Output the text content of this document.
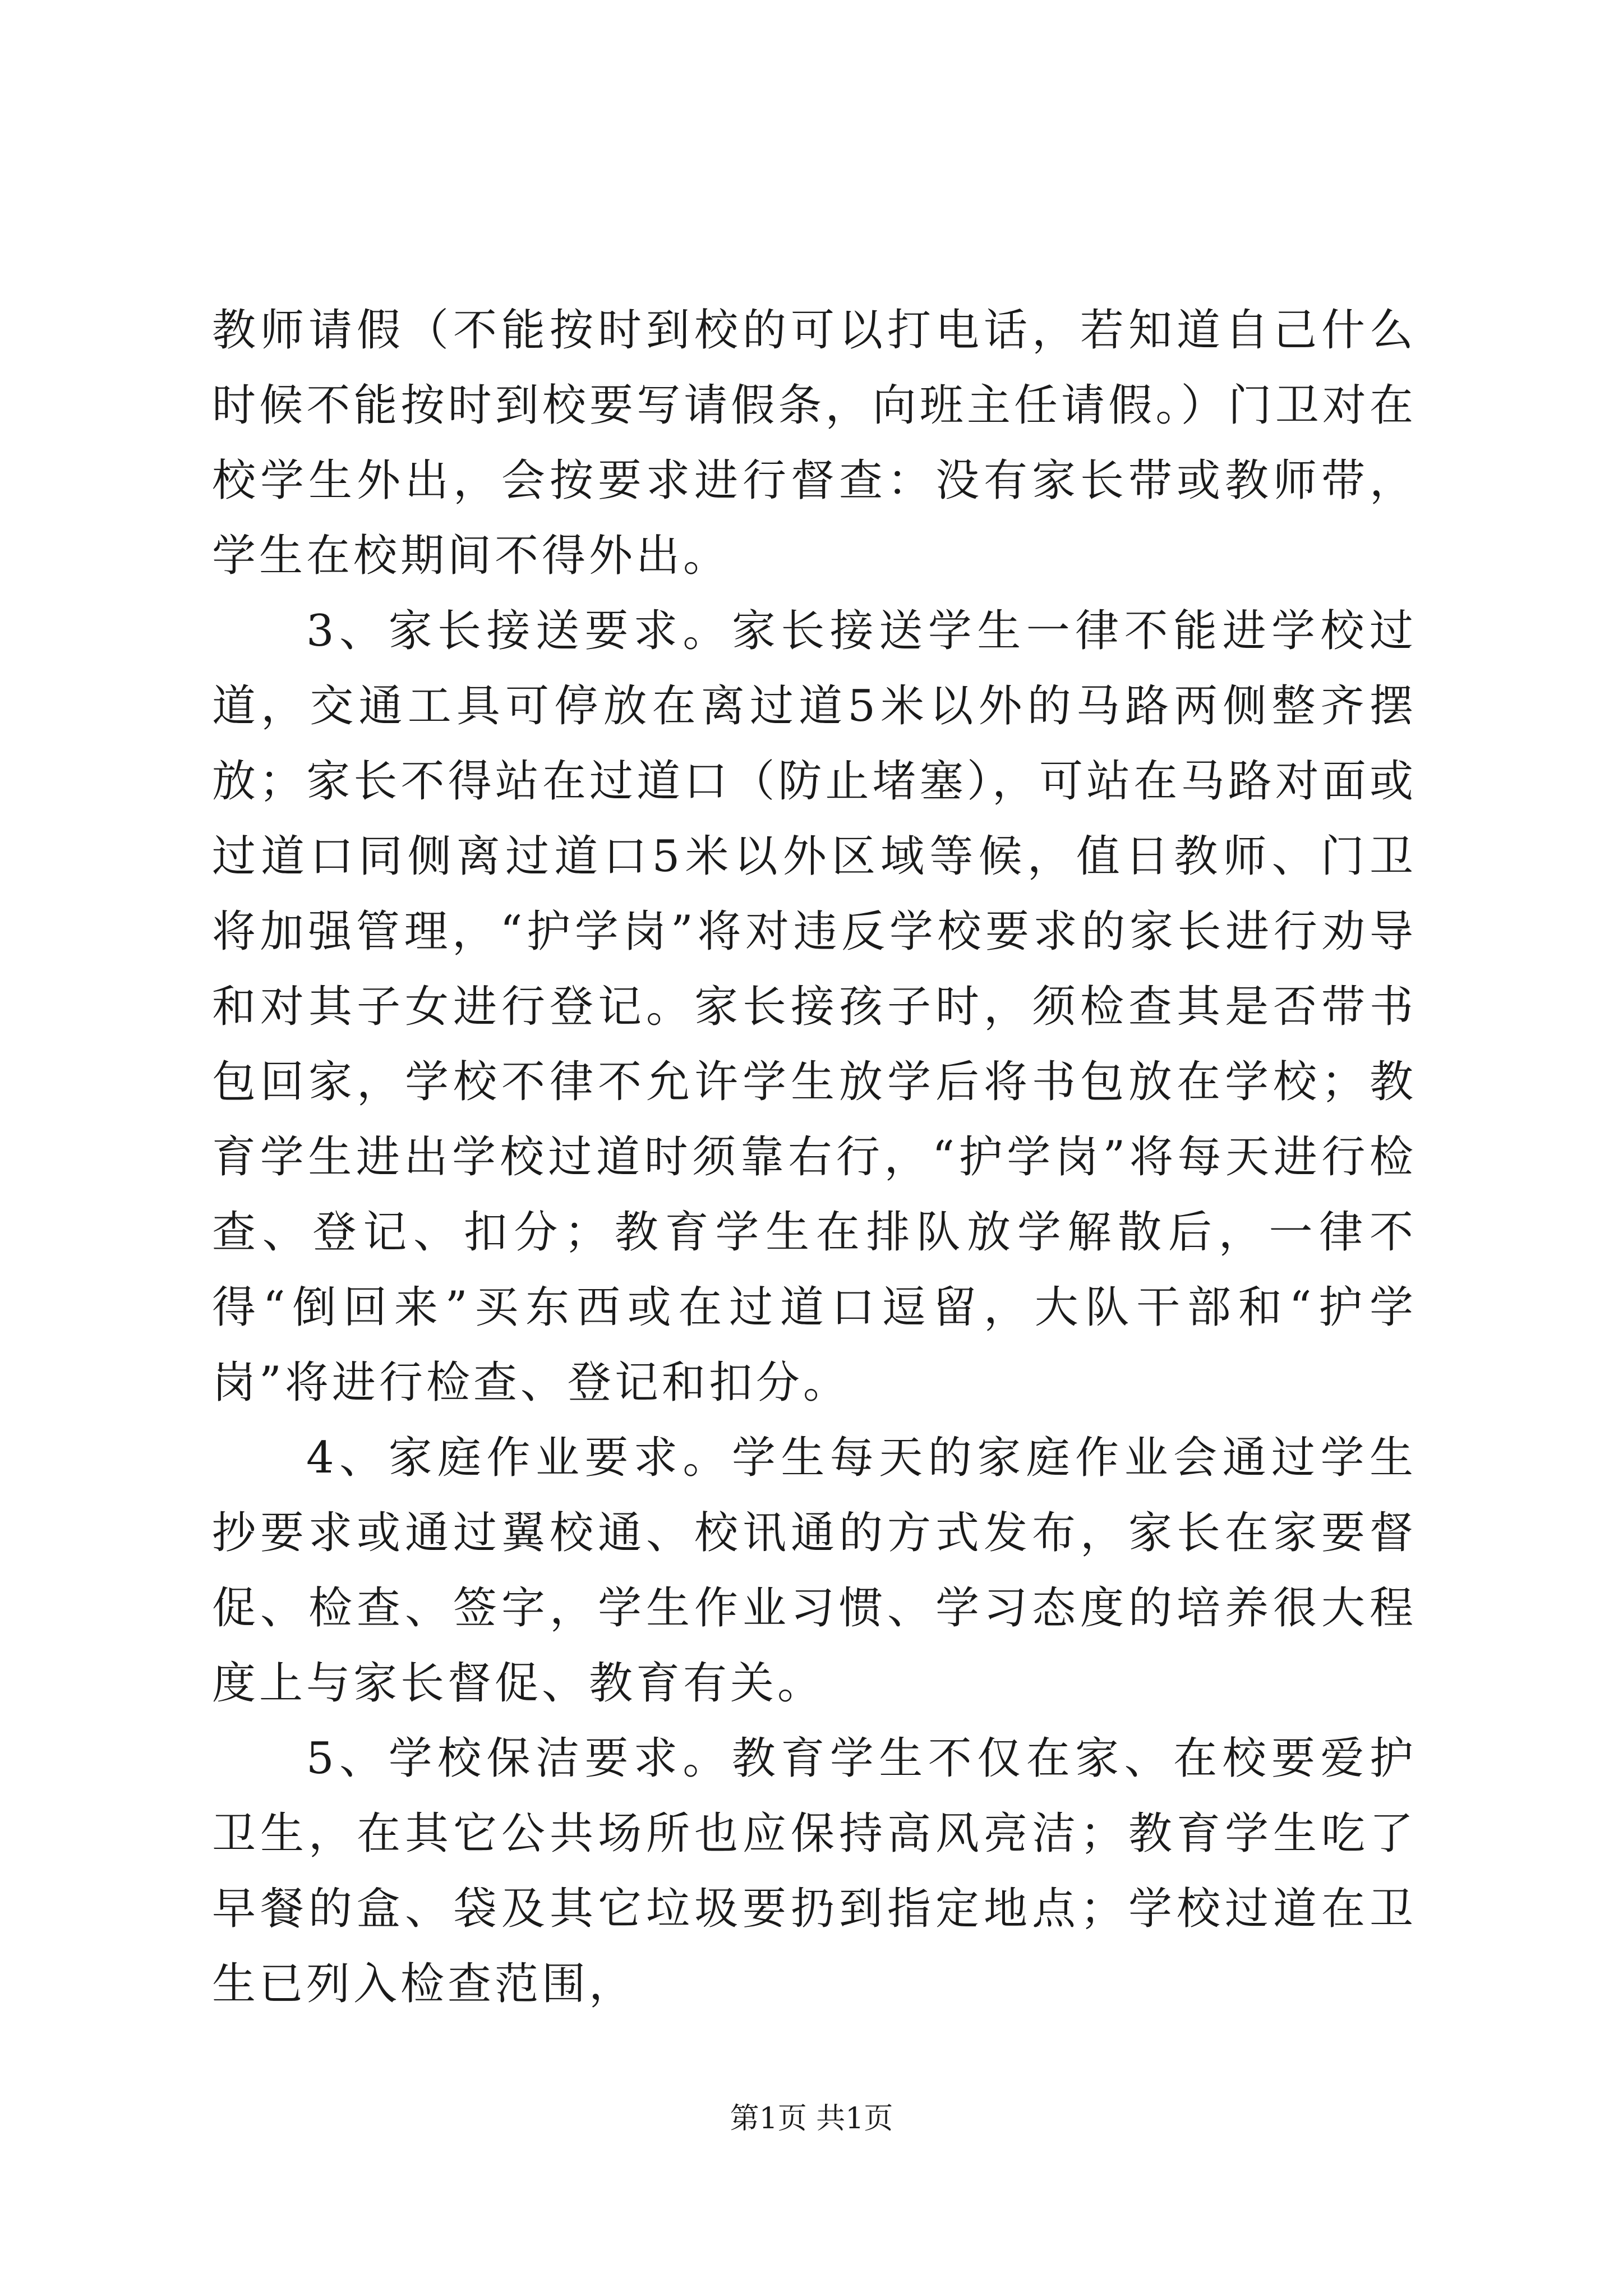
教师请假（不能按时到校的可以打电话，若知道自己什么时候不能按时到校要写请假条，向班主任请假。）门卫对在校学生外出，会按要求进行督查：没有家长带或教师带，学生在校期间不得外出。

3、家长接送要求。家长接送学生一律不能进学校过道，交通工具可停放在离过道5米以外的马路两侧整齐摆放；家长不得站在过道口（防止堵塞），可站在马路对面或过道口同侧离过道口5米以外区域等候，值日教师、门卫将加强管理，“护学岗”将对违反学校要求的家长进行劝导和对其子女进行登记。家长接孩子时，须检查其是否带书包回家，学校不律不允许学生放学后将书包放在学校；教育学生进出学校过道时须靠右行，“护学岗”将每天进行检查、登记、扣分；教育学生在排队放学解散后，一律不得“倒回来”买东西或在过道口逗留，大队干部和“护学岗”将进行检查、登记和扣分。

4、家庭作业要求。学生每天的家庭作业会通过学生抄要求或通过翼校通、校讯通的方式发布，家长在家要督促、检查、签字，学生作业习惯、学习态度的培养很大程度上与家长督促、教育有关。

5、学校保洁要求。教育学生不仅在家、在校要爱护卫生，在其它公共场所也应保持高风亮洁；教育学生吃了早餐的盒、袋及其它垃圾要扔到指定地点；学校过道在卫生已列入检查范围，

第1页 共1页
